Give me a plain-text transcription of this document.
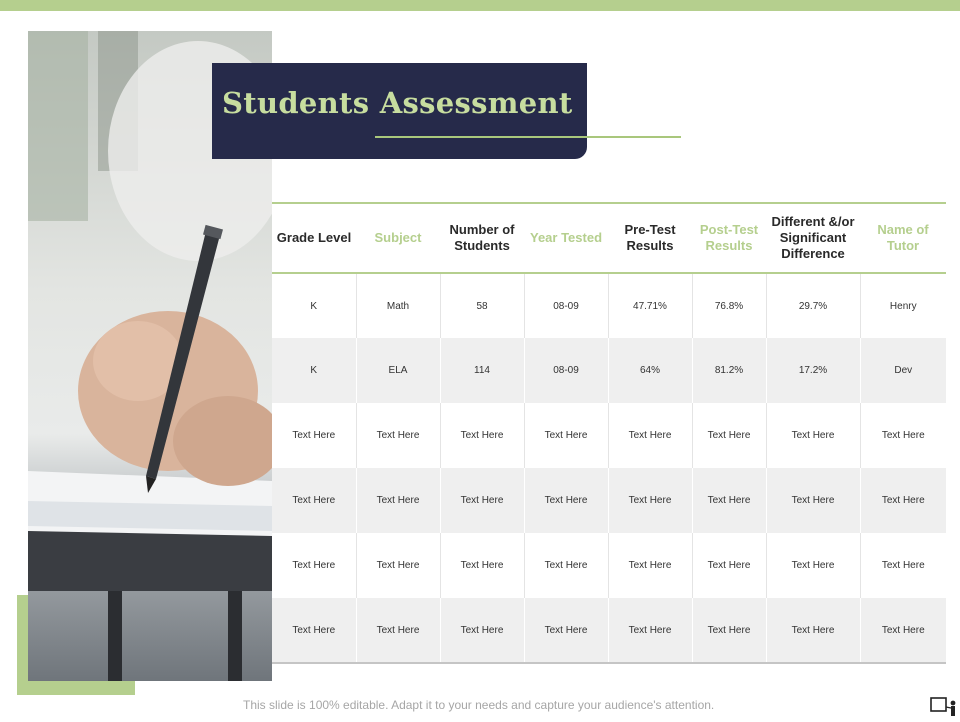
Students Assessment
Grade Level	Subject	Number of Students	Year Tested	Pre-Test Results	Post-Test Results	Different &/or Significant Difference	Name of Tutor
K	Math	58	08-09	47.71%	76.8%	29.7%	Henry
K	ELA	114	08-09	64%	81.2%	17.2%	Dev
Text Here	Text Here	Text Here	Text Here	Text Here	Text Here	Text Here	Text Here
Text Here	Text Here	Text Here	Text Here	Text Here	Text Here	Text Here	Text Here
Text Here	Text Here	Text Here	Text Here	Text Here	Text Here	Text Here	Text Here
Text Here	Text Here	Text Here	Text Here	Text Here	Text Here	Text Here	Text Here
This slide is 100% editable. Adapt it to your needs and capture your audience's attention.
